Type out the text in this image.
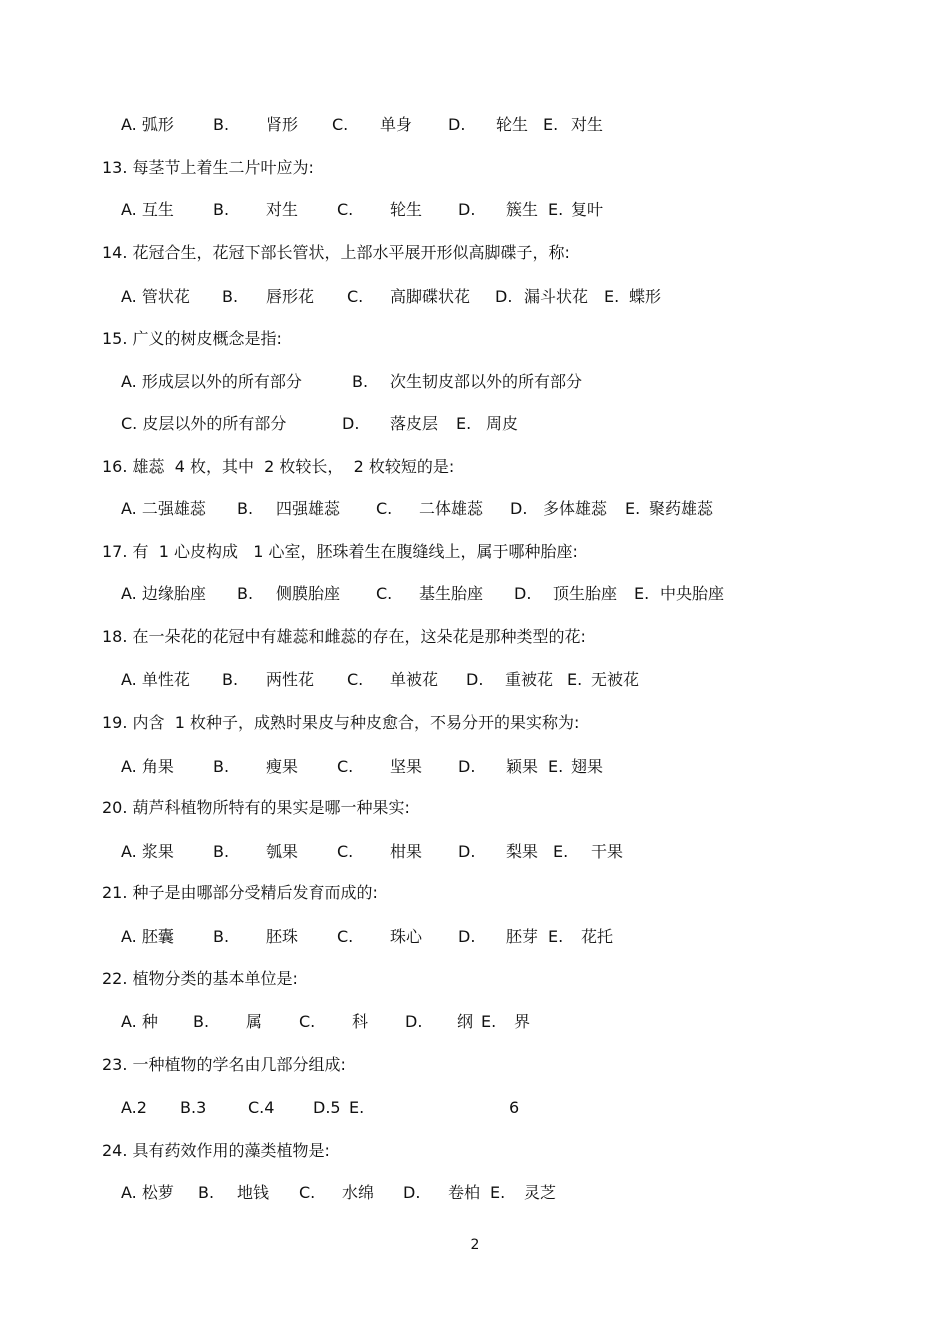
A. 弧形 B. 肾形 C. 单身 D. 轮生 E. 对生
13. 每茎节上着生二片叶应为:
A. 互生 B. 对生 C. 轮生 D. 簇生 E. 复叶
14. 花冠合生，花冠下部长管状，上部水平展开形似高脚碟子，称:
A. 管状花 B. 唇形花 C. 高脚碟状花 D. 漏斗状花 E. 蝶形
15. 广义的树皮概念是指:
A. 形成层以外的所有部分	B. 次生韧皮部以外的所有部分
C. 皮层以外的所有部分	D. 落皮层 E. 周皮
16. 雄蕊  4 枚，其中  2 枚较长，  2 枚较短的是:
A. 二强雄蕊 B. 四强雄蕊 C. 二体雄蕊 D. 多体雄蕊 E. 聚药雄蕊
17. 有  1 心皮构成   1 心室，胚珠着生在腹缝线上，属于哪种胎座:
A. 边缘胎座 B. 侧膜胎座 C. 基生胎座 D. 顶生胎座 E. 中央胎座
18. 在一朵花的花冠中有雄蕊和雌蕊的存在，这朵花是那种类型的花:
A. 单性花 B. 两性花 C. 单被花 D. 重被花 E. 无被花
19. 内含  1 枚种子，成熟时果皮与种皮愈合，不易分开的果实称为:
A. 角果 B. 瘦果 C. 坚果 D. 颖果 E. 翅果
20. 葫芦科植物所特有的果实是哪一种果实:
A. 浆果 B. 瓠果 C. 柑果 D. 梨果 E. 干果
21. 种子是由哪部分受精后发育而成的:
A. 胚囊 B. 胚珠 C. 珠心 D. 胚芽 E. 花托
22. 植物分类的基本单位是:
A. 种 B. 属 C. 科 D. 纲 E. 界
23. 一种植物的学名由几部分组成:
A.2 B.3	C.4 D.5 E.	6
24. 具有药效作用的藻类植物是:
A. 松萝 B. 地钱 C. 水绵 D. 卷柏 E. 灵芝
2
